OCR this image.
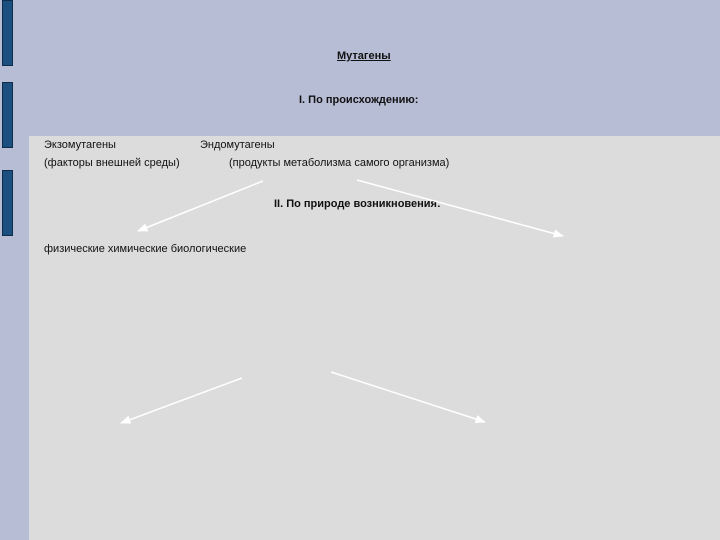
Мутагены
I. По происхождению:
Экзомутагены	Эндомутагены
(факторы внешней среды)	(продукты метаболизма самого организма)
II. По природе возникновения:
физические химические биологические
